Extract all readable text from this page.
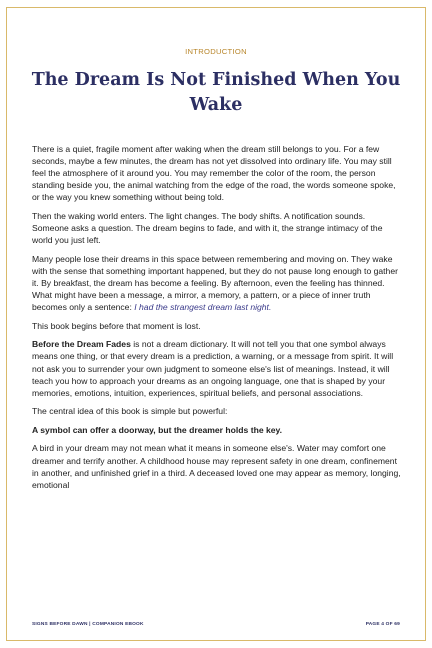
INTRODUCTION
The Dream Is Not Finished When You Wake

There is a quiet, fragile moment after waking when the dream still belongs to you. For a few seconds, maybe a few minutes, the dream has not yet dissolved into ordinary life. You may still feel the atmosphere of it around you. You may remember the color of the room, the person standing beside you, the animal watching from the edge of the road, the words someone spoke, or the way you knew something without being told.

Then the waking world enters. The light changes. The body shifts. A notification sounds. Someone asks a question. The dream begins to fade, and with it, the strange intimacy of the world you just left.

Many people lose their dreams in this space between remembering and moving on. They wake with the sense that something important happened, but they do not pause long enough to gather it. By breakfast, the dream has become a feeling. By afternoon, even the feeling has thinned. What might have been a message, a mirror, a memory, a pattern, or a piece of inner truth becomes only a sentence: I had the strangest dream last night.

This book begins before that moment is lost.

Before the Dream Fades is not a dream dictionary. It will not tell you that one symbol always means one thing, or that every dream is a prediction, a warning, or a message from spirit. It will not ask you to surrender your own judgment to someone else's list of meanings. Instead, it will teach you how to approach your dreams as an ongoing language, one that is shaped by your memories, emotions, intuition, experiences, spiritual beliefs, and personal associations.

The central idea of this book is simple but powerful:

A symbol can offer a doorway, but the dreamer holds the key.

A bird in your dream may not mean what it means in someone else's. Water may comfort one dreamer and terrify another. A childhood house may represent safety in one dream, confinement in another, and unfinished grief in a third. A deceased loved one may appear as memory, longing, emotional

SIGNS BEFORE DAWN | COMPANION EBOOK	PAGE 4 OF 69
